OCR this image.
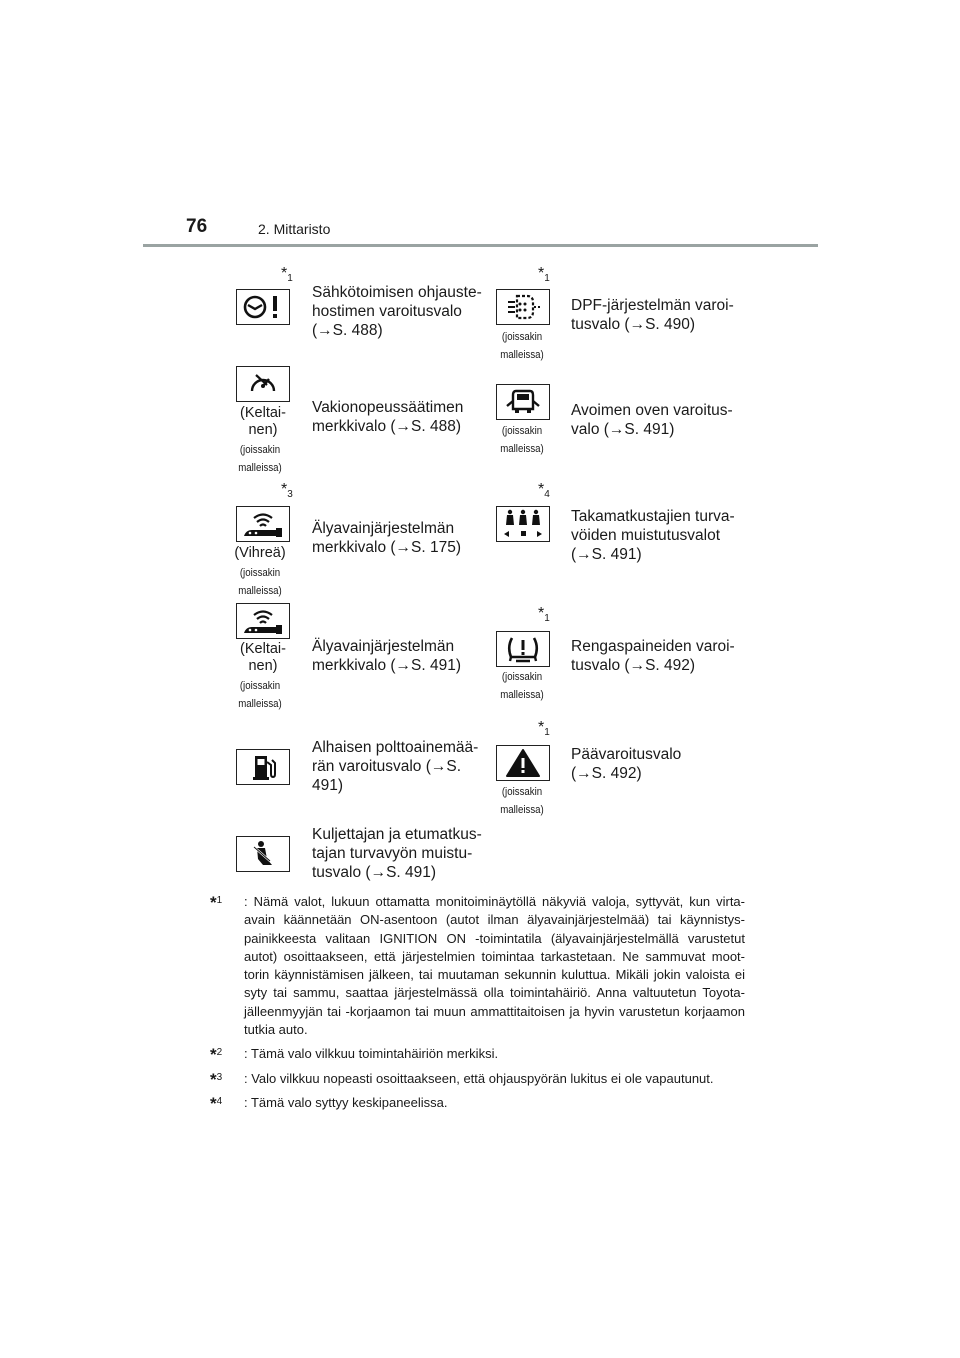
76	2. Mittaristo
$*_1$
Sähkötoimisen ohjauste-
hostimen varoitusvalo
(→S. 488)
$*_1$
(joissakin
malleissa)
DPF-järjestelmän varoi-
tusvalo (→S. 490)
(Keltai-
nen)
(joissakin
malleissa)
Vakionopeussäätimen
merkkivalo (→S. 488)	(joissakin
malleissa)
Avoimen oven varoitus-
valo (→S. 491)
$*_3$
(Vihreä)
(joissakin
malleissa)
Älyavainjärjestelmän
merkkivalo (→S. 175)
$*_4$
Takamatkustajien turva-
vöiden muistutusvalot
(→S. 491)
(Keltai-
nen)
(joissakin
malleissa)
Älyavainjärjestelmän
merkkivalo (→S. 491)
$*_1$
(joissakin
malleissa)
Rengaspaineiden varoi-
tusvalo (→S. 492)
Alhaisen polttoainemää-
rän varoitusvalo (→S.
491)
$*_1$
(joissakin
malleissa)
Päävaroitusvalo
(→S. 492)
Kuljettajan ja etumatkus-
tajan turvavyön muistu-
tusvalo (→S. 491)
*$^1$ : Nämä valot, lukuun ottamatta monitoiminäytöllä näkyviä valoja, syttyvät, kun virta-avain käännetään ON-asentoon (autot ilman älyavainjärjestelmää) tai käynnistys-painikkeesta valitaan IGNITION ON -toimintatila (älyavainjärjestelmällä varustetut autot) osoittaakseen, että järjestelmien toimintaa tarkastetaan. Ne sammuvat moot-torin käynnistämisen jälkeen, tai muutaman sekunnin kuluttua. Mikäli jokin valoista ei syty tai sammu, saattaa järjestelmässä olla toimintahäiriö. Anna valtuutetun Toyota-jälleenmyyjän tai -korjaamon tai muun ammattitaitoisen ja hyvin varustetun korjaamon tutkia auto.
*$^2$ : Tämä valo vilkkuu toimintahäiriön merkiksi.
*$^3$ : Valo vilkkuu nopeasti osoittaakseen, että ohjauspyörän lukitus ei ole vapautunut.
*$^4$ : Tämä valo syttyy keskipaneelissa.
